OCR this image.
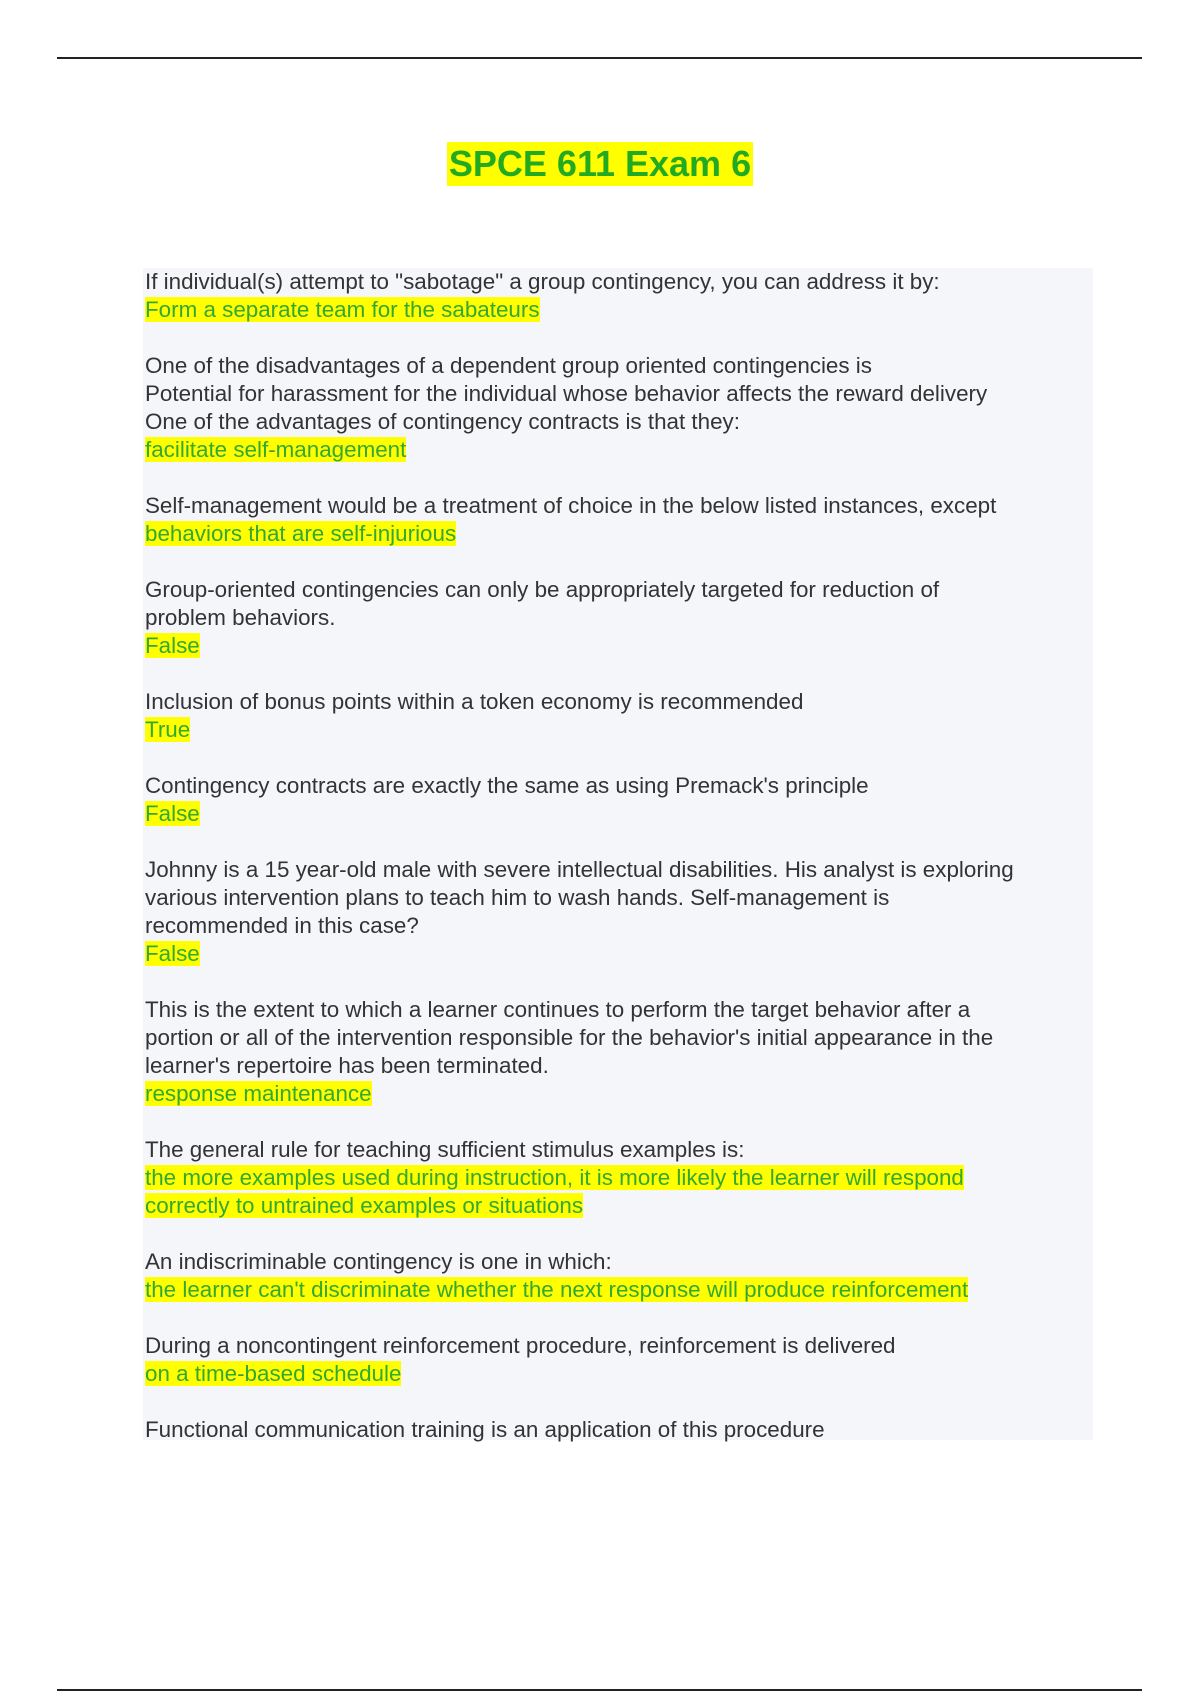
SPCE 611 Exam 6
If individual(s) attempt to "sabotage" a group contingency, you can address it by:
Form a separate team for the sabateurs
One of the disadvantages of a dependent group oriented contingencies is
Potential for harassment for the individual whose behavior affects the reward delivery
One of the advantages of contingency contracts is that they:
facilitate self-management
Self-management would be a treatment of choice in the below listed instances, except
behaviors that are self-injurious
Group-oriented contingencies can only be appropriately targeted for reduction of
problem behaviors.
False
Inclusion of bonus points within a token economy is recommended
True
Contingency contracts are exactly the same as using Premack's principle
False
Johnny is a 15 year-old male with severe intellectual disabilities. His analyst is exploring
various intervention plans to teach him to wash hands. Self-management is
recommended in this case?
False
This is the extent to which a learner continues to perform the target behavior after a
portion or all of the intervention responsible for the behavior's initial appearance in the
learner's repertoire has been terminated.
response maintenance
The general rule for teaching sufficient stimulus examples is:
the more examples used during instruction, it is more likely the learner will respond
correctly to untrained examples or situations
An indiscriminable contingency is one in which:
the learner can't discriminate whether the next response will produce reinforcement
During a noncontingent reinforcement procedure, reinforcement is delivered
on a time-based schedule
Functional communication training is an application of this procedure
